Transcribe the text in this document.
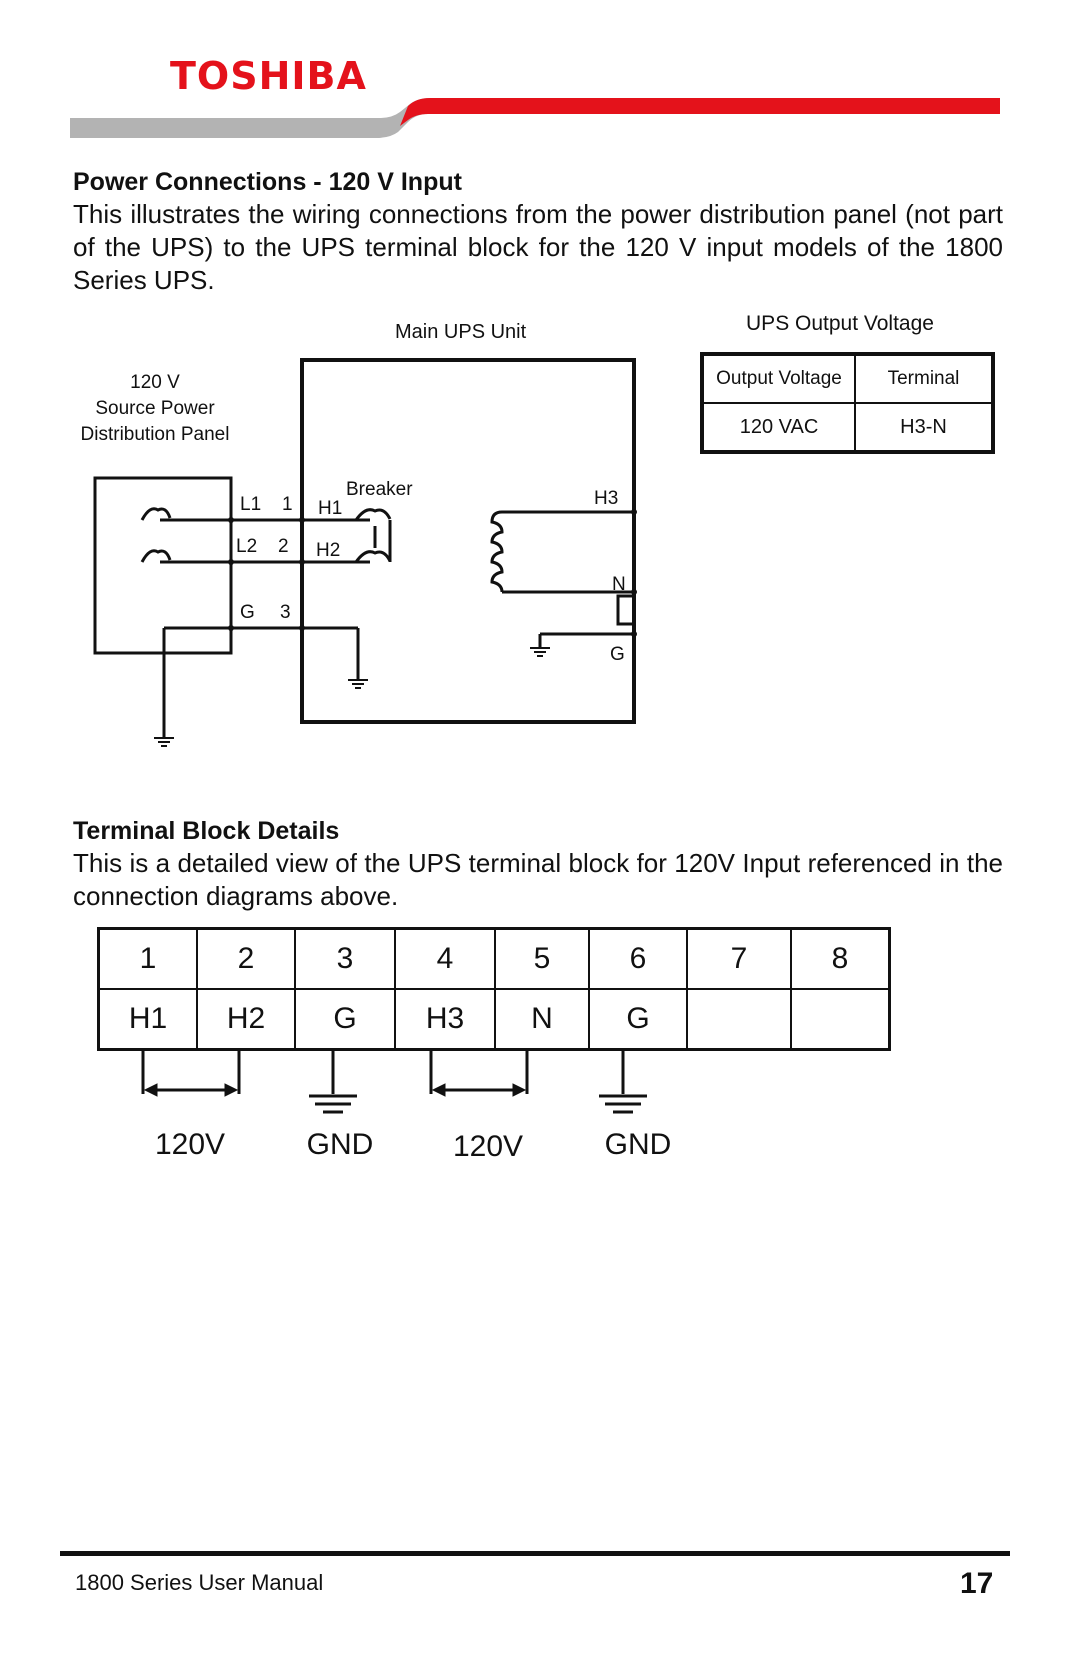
TOSHIBA
Power Connections - 120 V Input
This illustrates the wiring connections from the power distribution panel (not part of the UPS) to the UPS terminal block for the 120 V input models of the 1800 Series UPS.
Main UPS Unit
120 V
Source Power
Distribution Panel
Breaker
L1 1
L2 2
G 3
H1
H2
H3
N
G
UPS Output Voltage
Output Voltage	Terminal
120 VAC	H3-N
Terminal Block Details
This is a detailed view of the UPS terminal block for 120V Input referenced in the connection diagrams above.
1	2	3	4	5	6	7	8
H1	H2	G	H3	N	G		
120V	GND	120V	GND
1800 Series User Manual	17
